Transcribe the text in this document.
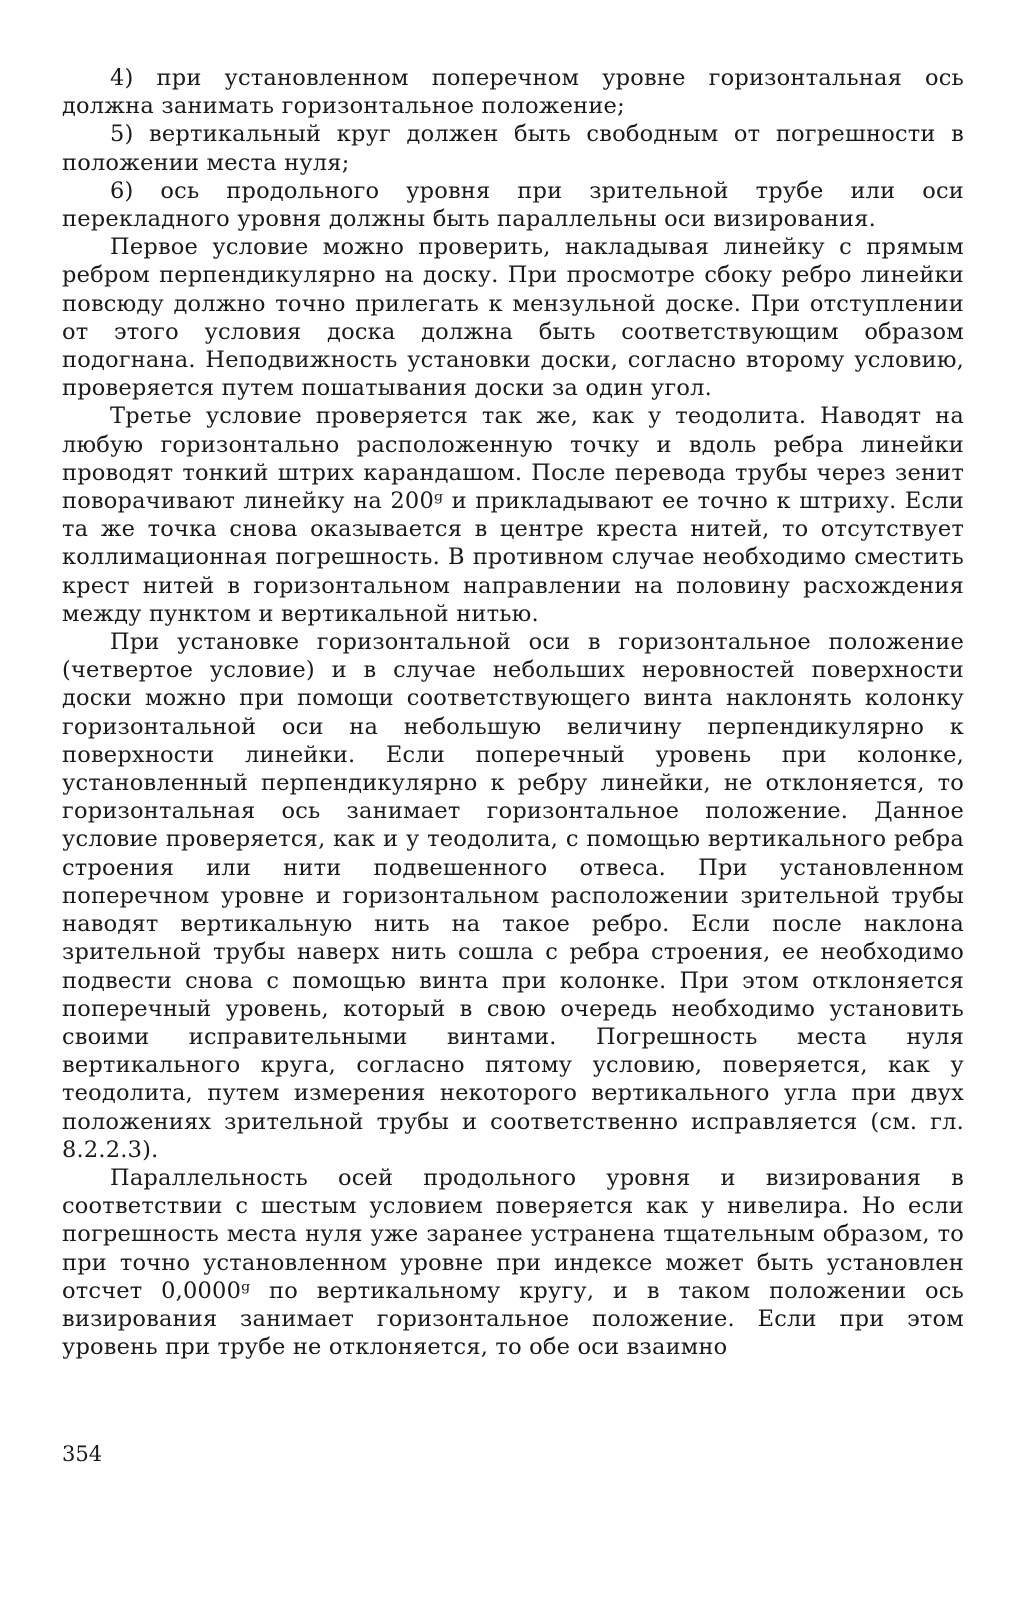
4) при установленном поперечном уровне горизонтальная ось должна занимать горизонтальное положение;

5) вертикальный круг должен быть свободным от погрешности в положении места нуля;

6) ось продольного уровня при зрительной трубе или оси перекладного уровня должны быть параллельны оси визирования.

Первое условие можно проверить, накладывая линейку с прямым ребром перпендикулярно на доску. При просмотре сбоку ребро линейки повсюду должно точно прилегать к мензульной доске. При отступлении от этого условия доска должна быть соответствующим образом подогнана. Неподвижность установки доски, согласно второму условию, проверяется путем пошатывания доски за один угол.

Третье условие проверяется так же, как у теодолита. Наводят на любую горизонтально расположенную точку и вдоль ребра линейки проводят тонкий штрих карандашом. После перевода трубы через зенит поворачивают линейку на 200ᵍ и прикладывают ее точно к штриху. Если та же точка снова оказывается в центре креста нитей, то отсутствует коллимационная погрешность. В противном случае необходимо сместить крест нитей в горизонтальном направлении на половину расхождения между пунктом и вертикальной нитью.

При установке горизонтальной оси в горизонтальное положение (четвертое условие) и в случае небольших неровностей поверхности доски можно при помощи соответствующего винта наклонять колонку горизонтальной оси на небольшую величину перпендикулярно к поверхности линейки. Если поперечный уровень при колонке, установленный перпендикулярно к ребру линейки, не отклоняется, то горизонтальная ось занимает горизонтальное положение. Данное условие проверяется, как и у теодолита, с помощью вертикального ребра строения или нити подвешенного отвеса. При установленном поперечном уровне и горизонтальном расположении зрительной трубы наводят вертикальную нить на такое ребро. Если после наклона зрительной трубы наверх нить сошла с ребра строения, ее необходимо подвести снова с помощью винта при колонке. При этом отклоняется поперечный уровень, который в свою очередь необходимо установить своими исправительными винтами. Погрешность места нуля вертикального круга, согласно пятому условию, поверяется, как у теодолита, путем измерения некоторого вертикального угла при двух положениях зрительной трубы и соответственно исправляется (см. гл. 8.2.2.3).

Параллельность осей продольного уровня и визирования в соответствии с шестым условием поверяется как у нивелира. Но если погрешность места нуля уже заранее устранена тщательным образом, то при точно установленном уровне при индексе может быть установлен отсчет 0,0000ᵍ по вертикальному кругу, и в таком положении ось визирования занимает горизонтальное положение. Если при этом уровень при трубе не отклоняется, то обе оси взаимно

354
